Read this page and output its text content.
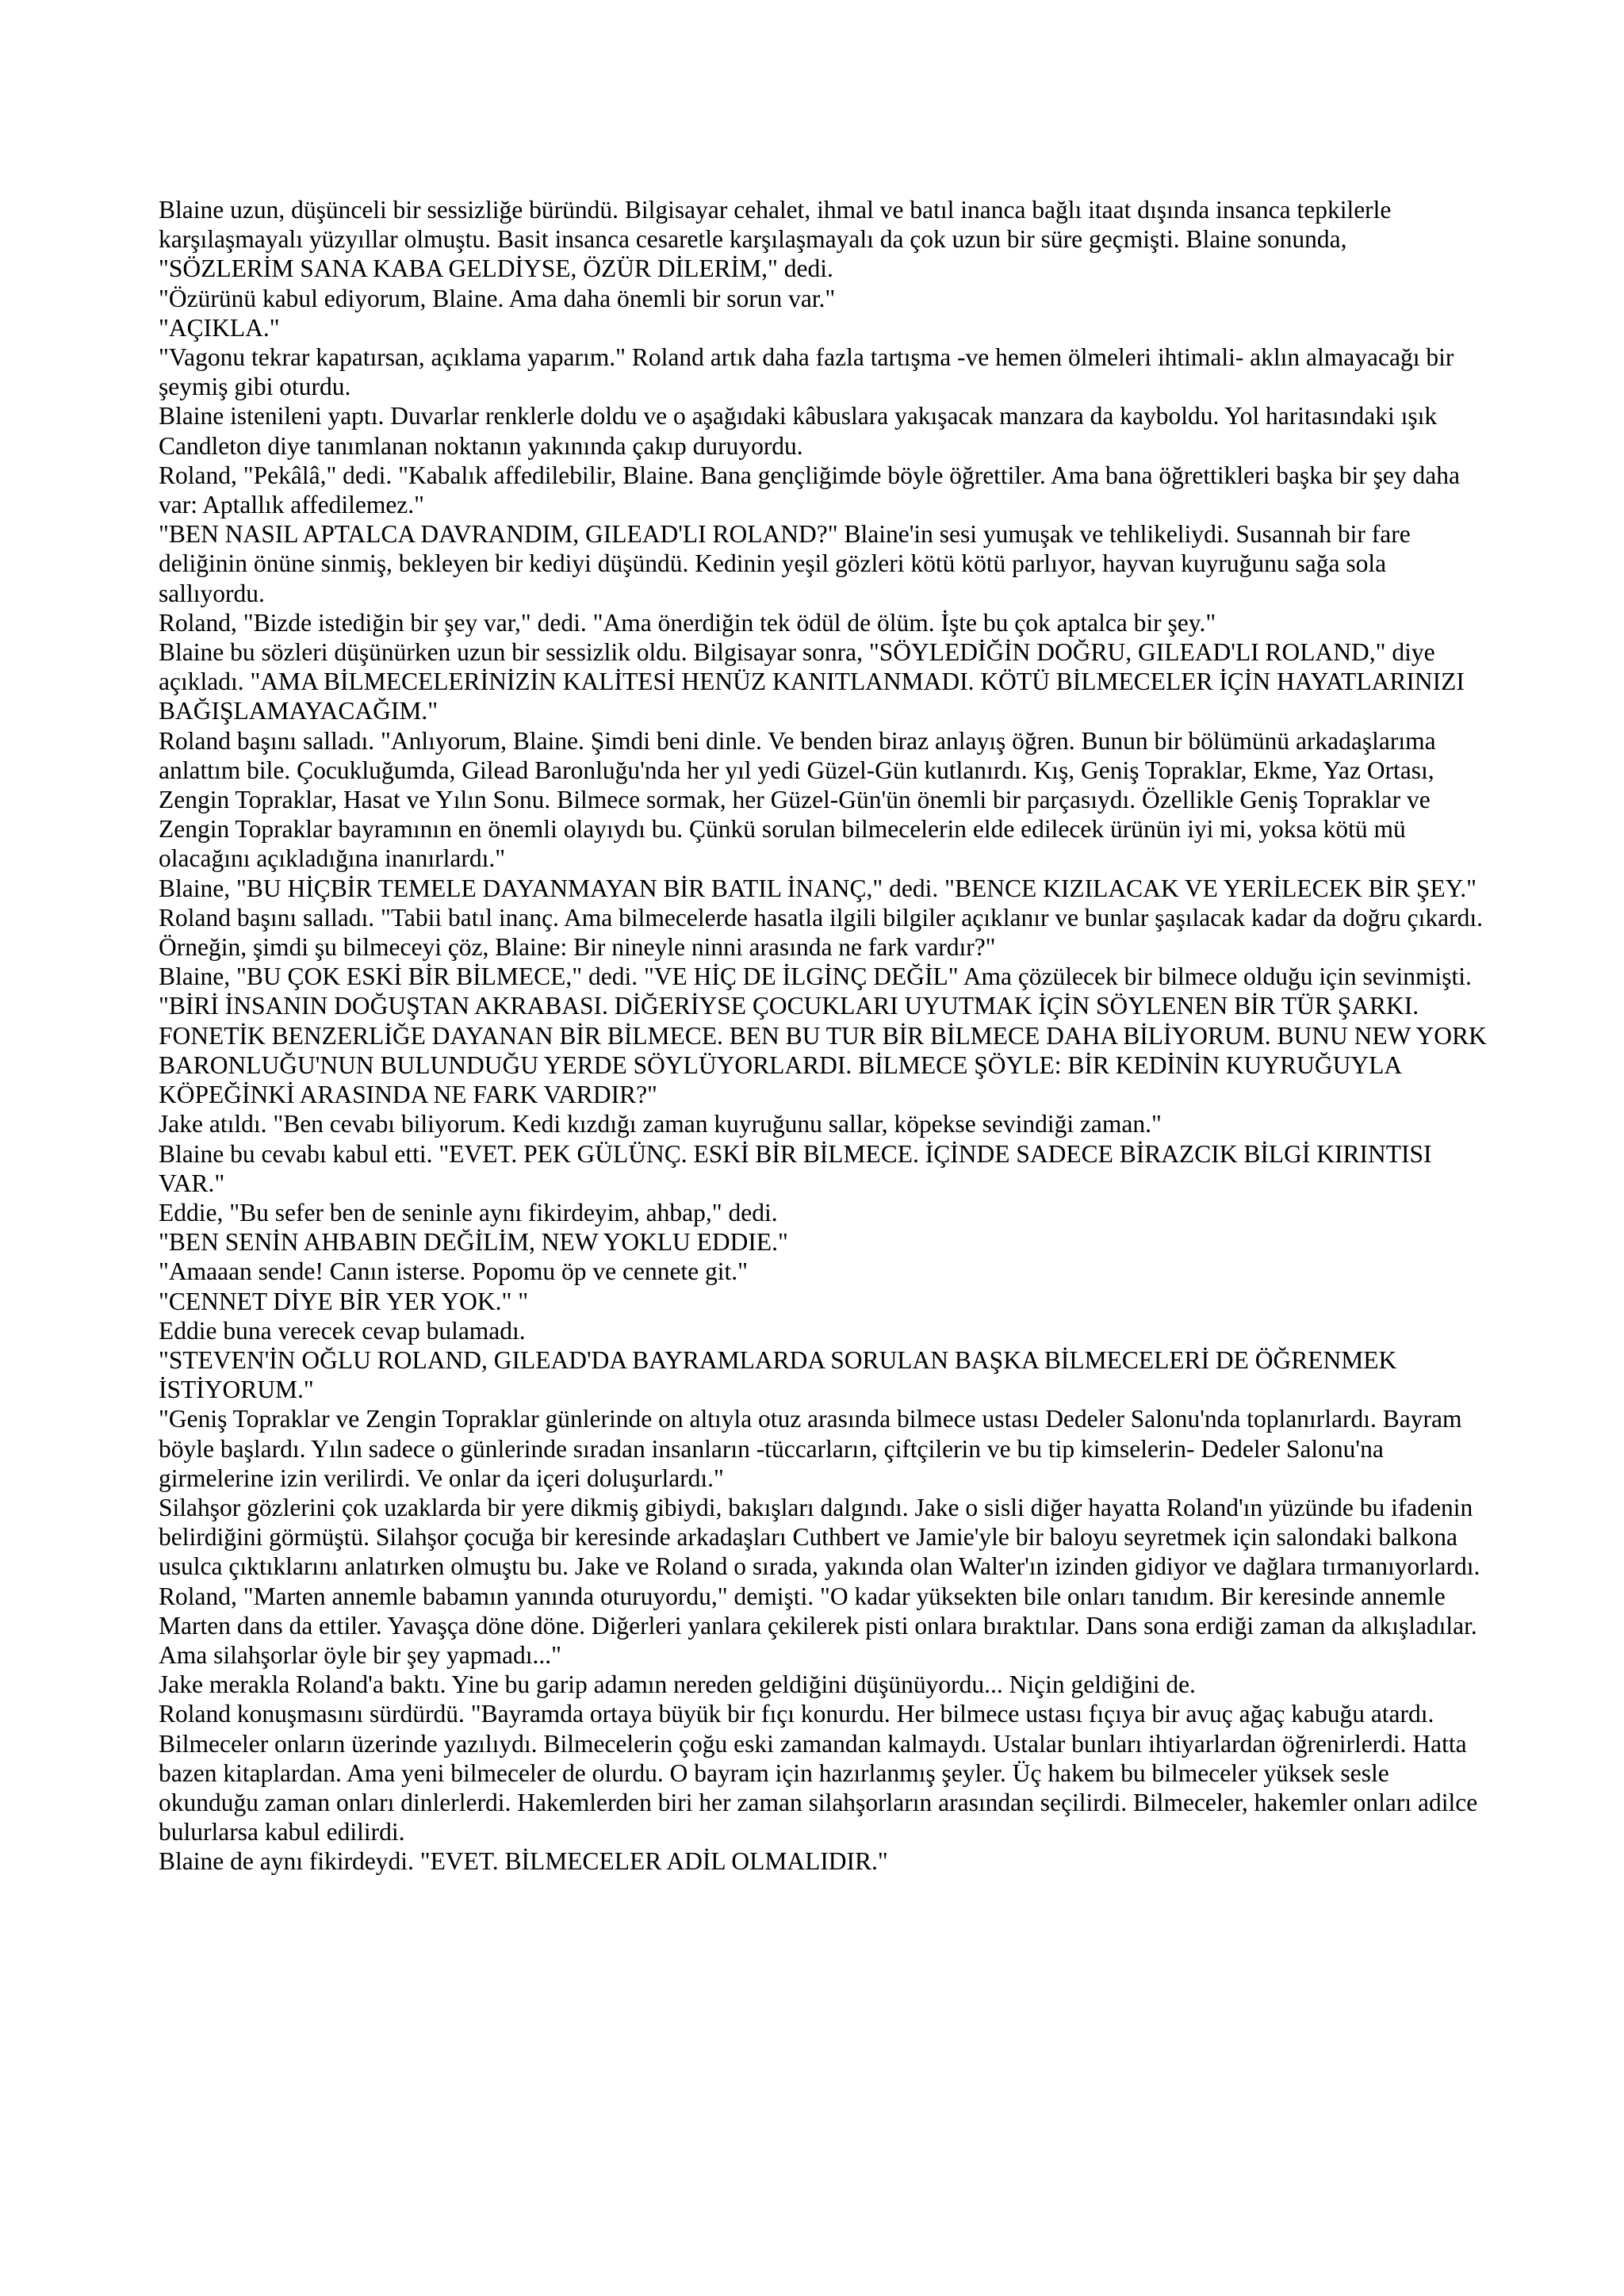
Blaine uzun, düşünceli bir sessizliğe büründü. Bilgisayar cehalet, ihmal ve batıl inanca bağlı itaat dışında insanca tepkilerle karşılaşmayalı yüzyıllar olmuştu. Basit insanca cesaretle karşılaşmayalı da çok uzun bir süre geçmişti. Blaine sonunda, "SÖZLERİM SANA KABA GELDİYSE, ÖZÜR DİLERİM," dedi.

"Özürünü kabul ediyorum, Blaine. Ama daha önemli bir sorun var."

"AÇIKLA."

"Vagonu tekrar kapatırsan, açıklama yaparım." Roland artık daha fazla tartışma -ve hemen ölmeleri ihtimali- aklın almayacağı bir şeymiş gibi oturdu.

Blaine istenileni yaptı. Duvarlar renklerle doldu ve o aşağıdaki kâbuslara yakışacak manzara da kayboldu. Yol haritasındaki ışık Candleton diye tanımlanan noktanın yakınında çakıp duruyordu.

Roland, "Pekâlâ," dedi. "Kabalık affedilebilir, Blaine. Bana gençliğimde böyle öğrettiler. Ama bana öğrettikleri başka bir şey daha var: Aptallık affedilemez."

"BEN NASIL APTALCA DAVRANDIM, GILEAD'LI ROLAND?" Blaine'in sesi yumuşak ve tehlikeliydi. Susannah bir fare deliğinin önüne sinmiş, bekleyen bir kediyi düşündü. Kedinin yeşil gözleri kötü kötü parlıyor, hayvan kuyruğunu sağa sola sallıyordu.

Roland, "Bizde istediğin bir şey var," dedi. "Ama önerdiğin tek ödül de ölüm. İşte bu çok aptalca bir şey."

Blaine bu sözleri düşünürken uzun bir sessizlik oldu. Bilgisayar sonra, "SÖYLEDİĞİN DOĞRU, GILEAD'LI ROLAND," diye açıkladı. "AMA BİLMECELERİNİZİN KALİTESİ HENÜZ KANITLANMADI. KÖTÜ BİLMECELER İÇİN HAYATLARINIZI BAĞIŞLAMAYACAĞIM."

Roland başını salladı. "Anlıyorum, Blaine. Şimdi beni dinle. Ve benden biraz anlayış öğren. Bunun bir bölümünü arkadaşlarıma anlattım bile. Çocukluğumda, Gilead Baronluğu'nda her yıl yedi Güzel-Gün kutlanırdı. Kış, Geniş Topraklar, Ekme, Yaz Ortası, Zengin Topraklar, Hasat ve Yılın Sonu. Bilmece sormak, her Güzel-Gün'ün önemli bir parçasıydı. Özellikle Geniş Topraklar ve Zengin Topraklar bayramının en önemli olayıydı bu. Çünkü sorulan bilmecelerin elde edilecek ürünün iyi mi, yoksa kötü mü olacağını açıkladığına inanırlardı."

Blaine, "BU HİÇBİR TEMELE DAYANMAYAN BİR BATIL İNANÇ," dedi. "BENCE KIZILACAK VE YERİLECEK BİR ŞEY."

Roland başını salladı. "Tabii batıl inanç. Ama bilmecelerde hasatla ilgili bilgiler açıklanır ve bunlar şaşılacak kadar da doğru çıkardı. Örneğin, şimdi şu bilmeceyi çöz, Blaine: Bir nineyle ninni arasında ne fark vardır?"

Blaine, "BU ÇOK ESKİ BİR BİLMECE," dedi. "VE HİÇ DE İLGİNÇ DEĞİL" Ama çözülecek bir bilmece olduğu için sevinmişti. "BİRİ İNSANIN DOĞUŞTAN AKRABASI. DİĞERİYSE ÇOCUKLARI UYUTMAK İÇİN SÖYLENEN BİR TÜR ŞARKI. FONETİK BENZERLİĞE DAYANAN BİR BİLMECE. BEN BU TUR BİR BİLMECE DAHA BİLİYORUM. BUNU NEW YORK BARONLUĞU'NUN BULUNDUĞU YERDE SÖYLÜYORLARDI. BİLMECE ŞÖYLE: BİR KEDİNİN KUYRUĞUYLA KÖPEĞİNKİ ARASINDA NE FARK VARDIR?"

Jake atıldı. "Ben cevabı biliyorum. Kedi kızdığı zaman kuyruğunu sallar, köpekse sevindiği zaman."

Blaine bu cevabı kabul etti. "EVET. PEK GÜLÜNÇ. ESKİ BİR BİLMECE. İÇİNDE SADECE BİRAZCIK BİLGİ KIRINTISI VAR."

Eddie, "Bu sefer ben de seninle aynı fikirdeyim, ahbap," dedi.

"BEN SENİN AHBABIN DEĞİLİM, NEW YOKLU EDDIE."

"Amaaan sende! Canın isterse. Popomu öp ve cennete git."

"CENNET DİYE BİR YER YOK." "

Eddie buna verecek cevap bulamadı.

"STEVEN'İN OĞLU ROLAND, GILEAD'DA BAYRAMLARDA SORULAN BAŞKA BİLMECELERİ DE ÖĞRENMEK İSTİYORUM."

"Geniş Topraklar ve Zengin Topraklar günlerinde on altıyla otuz arasında bilmece ustası Dedeler Salonu'nda toplanırlardı. Bayram böyle başlardı. Yılın sadece o günlerinde sıradan insanların -tüccarların, çiftçilerin ve bu tip kimselerin- Dedeler Salonu'na girmelerine izin verilirdi. Ve onlar da içeri doluşurlardı."

Silahşor gözlerini çok uzaklarda bir yere dikmiş gibiydi, bakışları dalgındı. Jake o sisli diğer hayatta Roland'ın yüzünde bu ifadenin belirdiğini görmüştü. Silahşor çocuğa bir keresinde arkadaşları Cuthbert ve Jamie'yle bir baloyu seyretmek için salondaki balkona usulca çıktıklarını anlatırken olmuştu bu. Jake ve Roland o sırada, yakında olan Walter'ın izinden gidiyor ve dağlara tırmanıyorlardı.

Roland, "Marten annemle babamın yanında oturuyordu," demişti. "O kadar yüksekten bile onları tanıdım. Bir keresinde annemle Marten dans da ettiler. Yavaşça döne döne. Diğerleri yanlara çekilerek pisti onlara bıraktılar. Dans sona erdiği zaman da alkışladılar. Ama silahşorlar öyle bir şey yapmadı..."

Jake merakla Roland'a baktı. Yine bu garip adamın nereden geldiğini düşünüyordu... Niçin geldiğini de.

Roland konuşmasını sürdürdü. "Bayramda ortaya büyük bir fıçı konurdu. Her bilmece ustası fıçıya bir avuç ağaç kabuğu atardı. Bilmeceler onların üzerinde yazılıydı. Bilmecelerin çoğu eski zamandan kalmaydı. Ustalar bunları ihtiyarlardan öğrenirlerdi. Hatta bazen kitaplardan. Ama yeni bilmeceler de olurdu. O bayram için hazırlanmış şeyler. Üç hakem bu bilmeceler yüksek sesle okunduğu zaman onları dinlerlerdi. Hakemlerden biri her zaman silahşorların arasından seçilirdi. Bilmeceler, hakemler onları adilce bulurlarsa kabul edilirdi.

Blaine de aynı fikirdeydi. "EVET. BİLMECELER ADİL OLMALIDIR."
